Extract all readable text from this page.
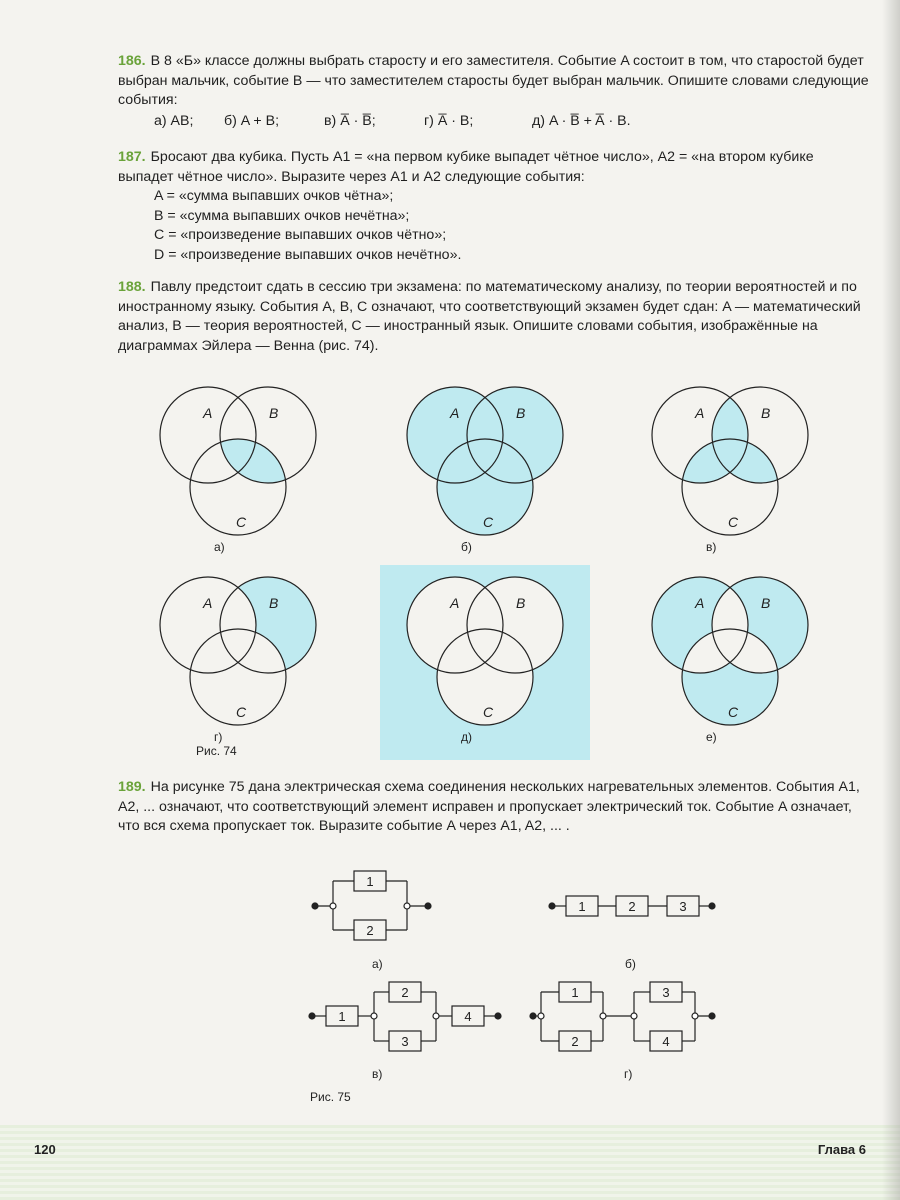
186. В 8 «Б» классе должны выбрать старосту и его заместителя. Событие A состоит в том, что старостой будет выбран мальчик, событие B — что заместителем старосты будет выбран мальчик. Опишите словами следующие события:
а) AB;	б) A + B;	в) A̅ · B̅;	г) A̅ · B;	д) A · B̅ + A̅ · B.
187. Бросают два кубика. Пусть A1 = «на первом кубике выпадет чётное число», A2 = «на втором кубике выпадет чётное число». Выразите через A1 и A2 следующие события:
A = «сумма выпавших очков чётна»;
B = «сумма выпавших очков нечётна»;
C = «произведение выпавших очков чётно»;
D = «произведение выпавших очков нечётно».
188. Павлу предстоит сдать в сессию три экзамена: по математическому анализу, по теории вероятностей и по иностранному языку. События A, B, C означают, что соответствующий экзамен будет сдан: A — математический анализ, B — теория вероятностей, C — иностранный язык. Опишите словами события, изображённые на диаграммах Эйлера — Венна (рис. 74).
A	B
C
а)
A	B
C
б)
A	B
C
в)
A	B
C
г)
A	B
C
д)
A	B
C
е)
Рис. 74
189. На рисунке 75 дана электрическая схема соединения нескольких нагревательных элементов. События A1, A2, ... означают, что соответствующий элемент исправен и пропускает электрический ток. Событие A означает, что вся схема пропускает ток. Выразите событие A через A1, A2, ... .
1
2
а)
1	2	3
б)
1
2
3
4
в)
1
2
3
4
г)
Рис. 75
120	Глава 6
